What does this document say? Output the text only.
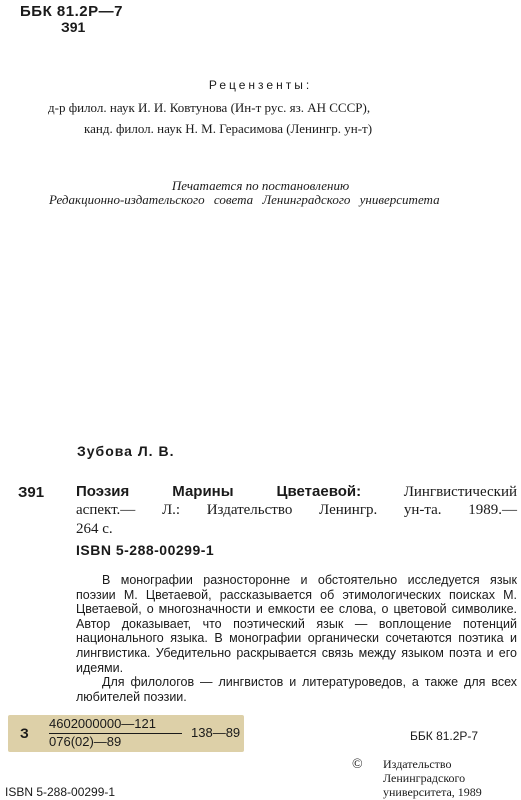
ББК 81.2Р—7
З91
Рецензенты:
д-р филол. наук И. И. Ковтунова (Ин-т рус. яз. АН СССР),
канд. филол. наук Н. М. Герасимова (Ленингр. ун-т)
Печатается по постановлению
Редакционно-издательского совета Ленинградского университета
Зубова Л. В.
З91 Поэзия Марины Цветаевой: Лингвистический
аспект.— Л.: Издательство Ленингр. ун-та. 1989.—
264 с.
ISBN 5-288-00299-1

В монографии разносторонне и обстоятельно исследуется язык поэзии М. Цветаевой, рассказывается об этимологических поисках М. Цветаевой, о многозначности и емкости ее слова, о цветовой символике. Автор доказывает, что поэтический язык — воплощение потенций национального языка. В монографии органически сочетаются поэтика и лингвистика. Убедительно раскрывается связь между языком поэта и его идеями.

Для филологов — лингвистов и литературоведов, а также для всех любителей поэзии.

З
4602000000—121
076(02)—89
138—89	ББК 81.2Р-7
© Издательство
Ленинградского
университета, 1989
ISBN 5-288-00299-1
